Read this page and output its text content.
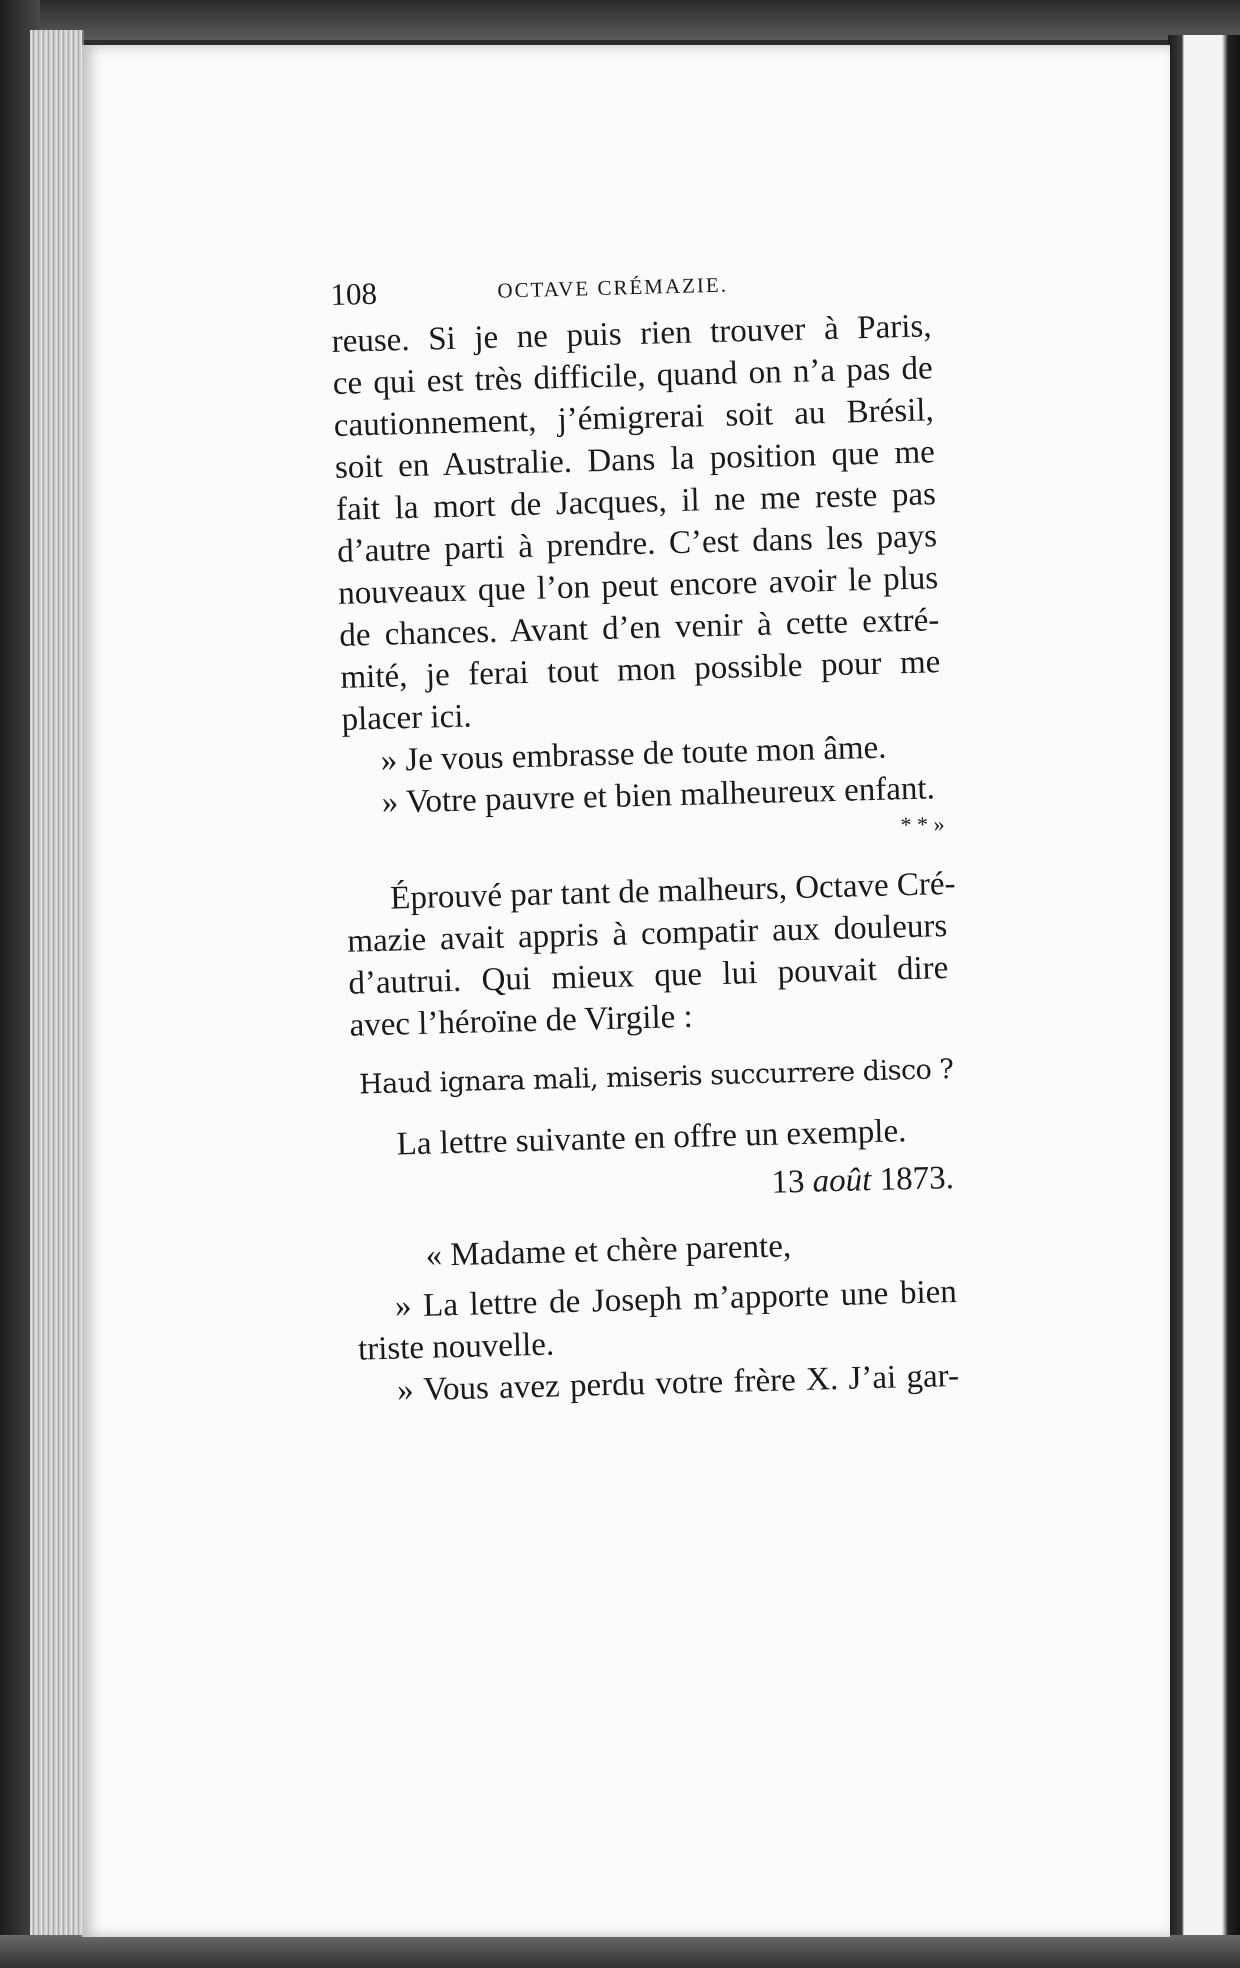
108	OCTAVE CRÉMAZIE.
reuse. Si je ne puis rien trouver à Paris,
ce qui est très difficile, quand on n’a pas de
cautionnement, j’émigrerai soit au Brésil,
soit en Australie. Dans la position que me
fait la mort de Jacques, il ne me reste pas
d’autre parti à prendre. C’est dans les pays
nouveaux que l’on peut encore avoir le plus
de chances. Avant d’en venir à cette extré-
mité, je ferai tout mon possible pour me
placer ici.
» Je vous embrasse de toute mon âme.
» Votre pauvre et bien malheureux enfant.
* * »
Éprouvé par tant de malheurs, Octave Cré-
mazie avait appris à compatir aux douleurs
d’autrui. Qui mieux que lui pouvait dire
avec l’héroïne de Virgile :
Haud ignara mali, miseris succurrere disco ?
La lettre suivante en offre un exemple.
13 août 1873.
« Madame et chère parente,
» La lettre de Joseph m’apporte une bien
triste nouvelle.
» Vous avez perdu votre frère X. J’ai gar-
